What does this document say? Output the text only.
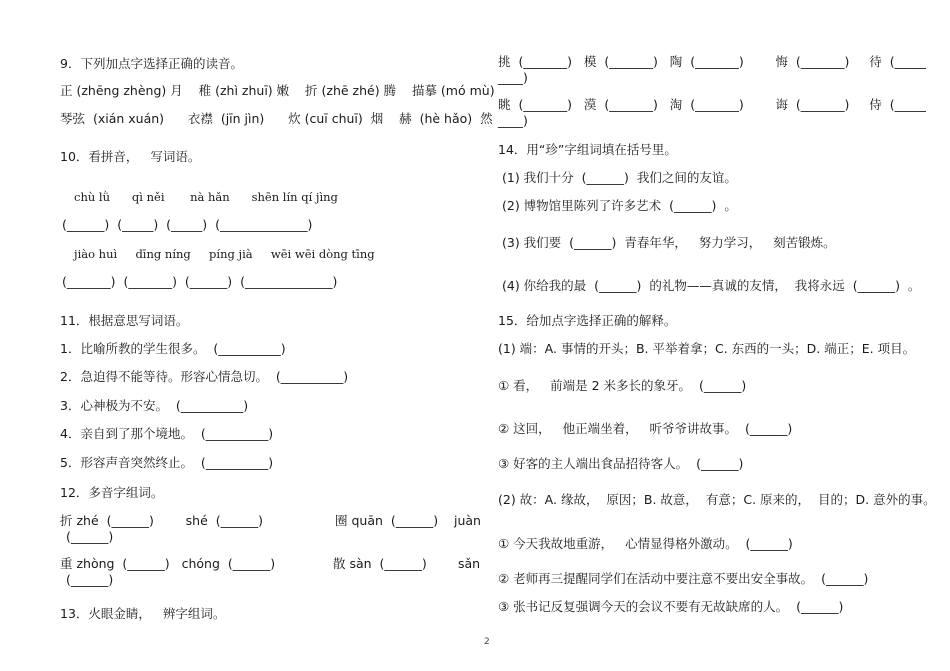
9．下列加点字选择正确的读音。
正 (zhēng zhèng) 月    稚 (zhì zhuī) 嫩    折 (zhē zhé) 腾    描摹 (mó mù)
琴弦  (xián xuán)      衣襟  (jīn jìn)      炊 (cuī chuī)  烟    赫  (hè hǎo)  然
10．看拼音，   写词语。
chù lǜ      qì něi       nà hǎn      shēn lín qí jìng
(______)  (_____)  (_____)  (______________)
jiào huì     dīng níng     píng jià     wēi wēi dòng tīng
(_______)  (_______)  (______)  (______________)
11．根据意思写词语。
1．比喻所教的学生很多。  (__________)
2．急迫得不能等待。形容心情急切。  (__________)
3．心神极为不安。  (__________)
4．亲自到了那个境地。  (__________)
5．形容声音突然终止。  (__________)
12．多音字组词。
折 zhé  (______)        shé  (______)	圈 quān  (______) juàn
(______)
重 zhòng  (______)   chóng  (______)	散 sàn  (______) sǎn
(______)
13．火眼金睛，   辨字组词。
挑  (_______)   模  (_______)   陶  (_______)        悔  (_______)     待  (_____
____)
眺  (_______)   漠  (_______)   淘  (_______)        诲  (_______)     侍  (_____
____)
14．用“珍”字组词填在括号里。
(1) 我们十分  (______)  我们之间的友谊。
(2) 博物馆里陈列了许多艺术  (______)  。
(3) 我们要  (______)  青春年华，   努力学习，   刻苦锻炼。
(4) 你给我的最  (______)  的礼物——真诚的友情，  我将永远  (______)  。
15．给加点字选择正确的解释。
(1) 端：A. 事情的开头；B. 平举着拿；C. 东西的一头；D. 端正；E. 项目。
① 看，   前端是 2 米多长的象牙。  (______)
② 这回，   他正端坐着，   听爷爷讲故事。  (______)
③ 好客的主人端出食品招待客人。  (______)
(2) 故：A. 缘故，  原因；B. 故意，  有意；C. 原来的，  目的；D. 意外的事。
① 今天我故地重游，   心情显得格外激动。  (______)
② 老师再三提醒同学们在活动中要注意不要出安全事故。  (______)
③ 张书记反复强调今天的会议不要有无故缺席的人。  (______)
2
